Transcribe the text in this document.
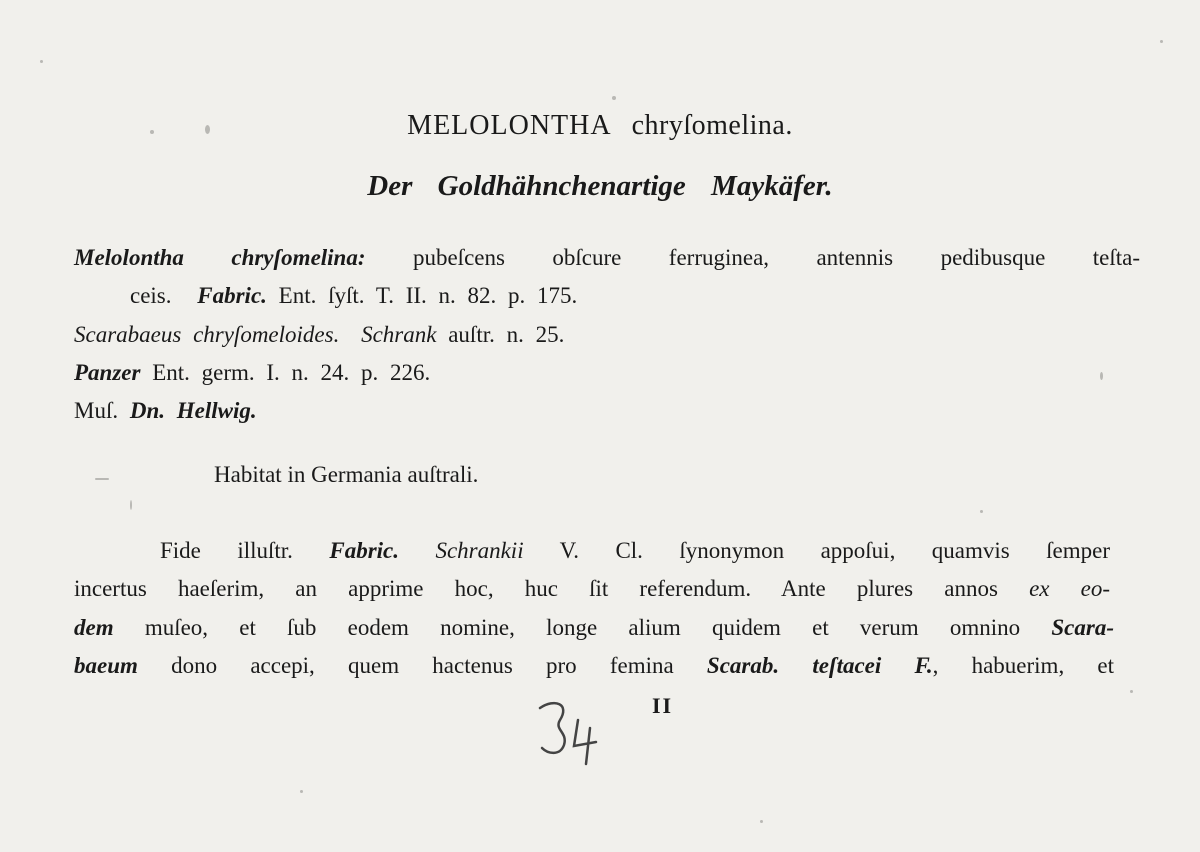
MELOLONTHA chryſomelina.
Der Goldhähnchenartige Maykäfer.
Melolontha chryſomelina: pubeſcens obſcure ferruginea, antennis pedibusque teſta-
ceis. Fabric. Ent. ſyſt. T. II. n. 82. p. 175.
Scarabaeus chryſomeloides. Schrank auſtr. n. 25.
Panzer Ent. germ. I. n. 24. p. 226.
Muſ. Dn. Hellwig.
Habitat in Germania auſtrali.
Fide illuſtr. Fabric. Schrankii V. Cl. ſynonymon appoſui, quamvis ſemper
incertus haeſerim, an apprime hoc, huc ſit referendum. Ante plures annos ex eo-
dem muſeo, et ſub eodem nomine, longe alium quidem et verum omnino Scara-
baeum dono accepi, quem hactenus pro femina Scarab. teſtacei F., habuerim, et
II
